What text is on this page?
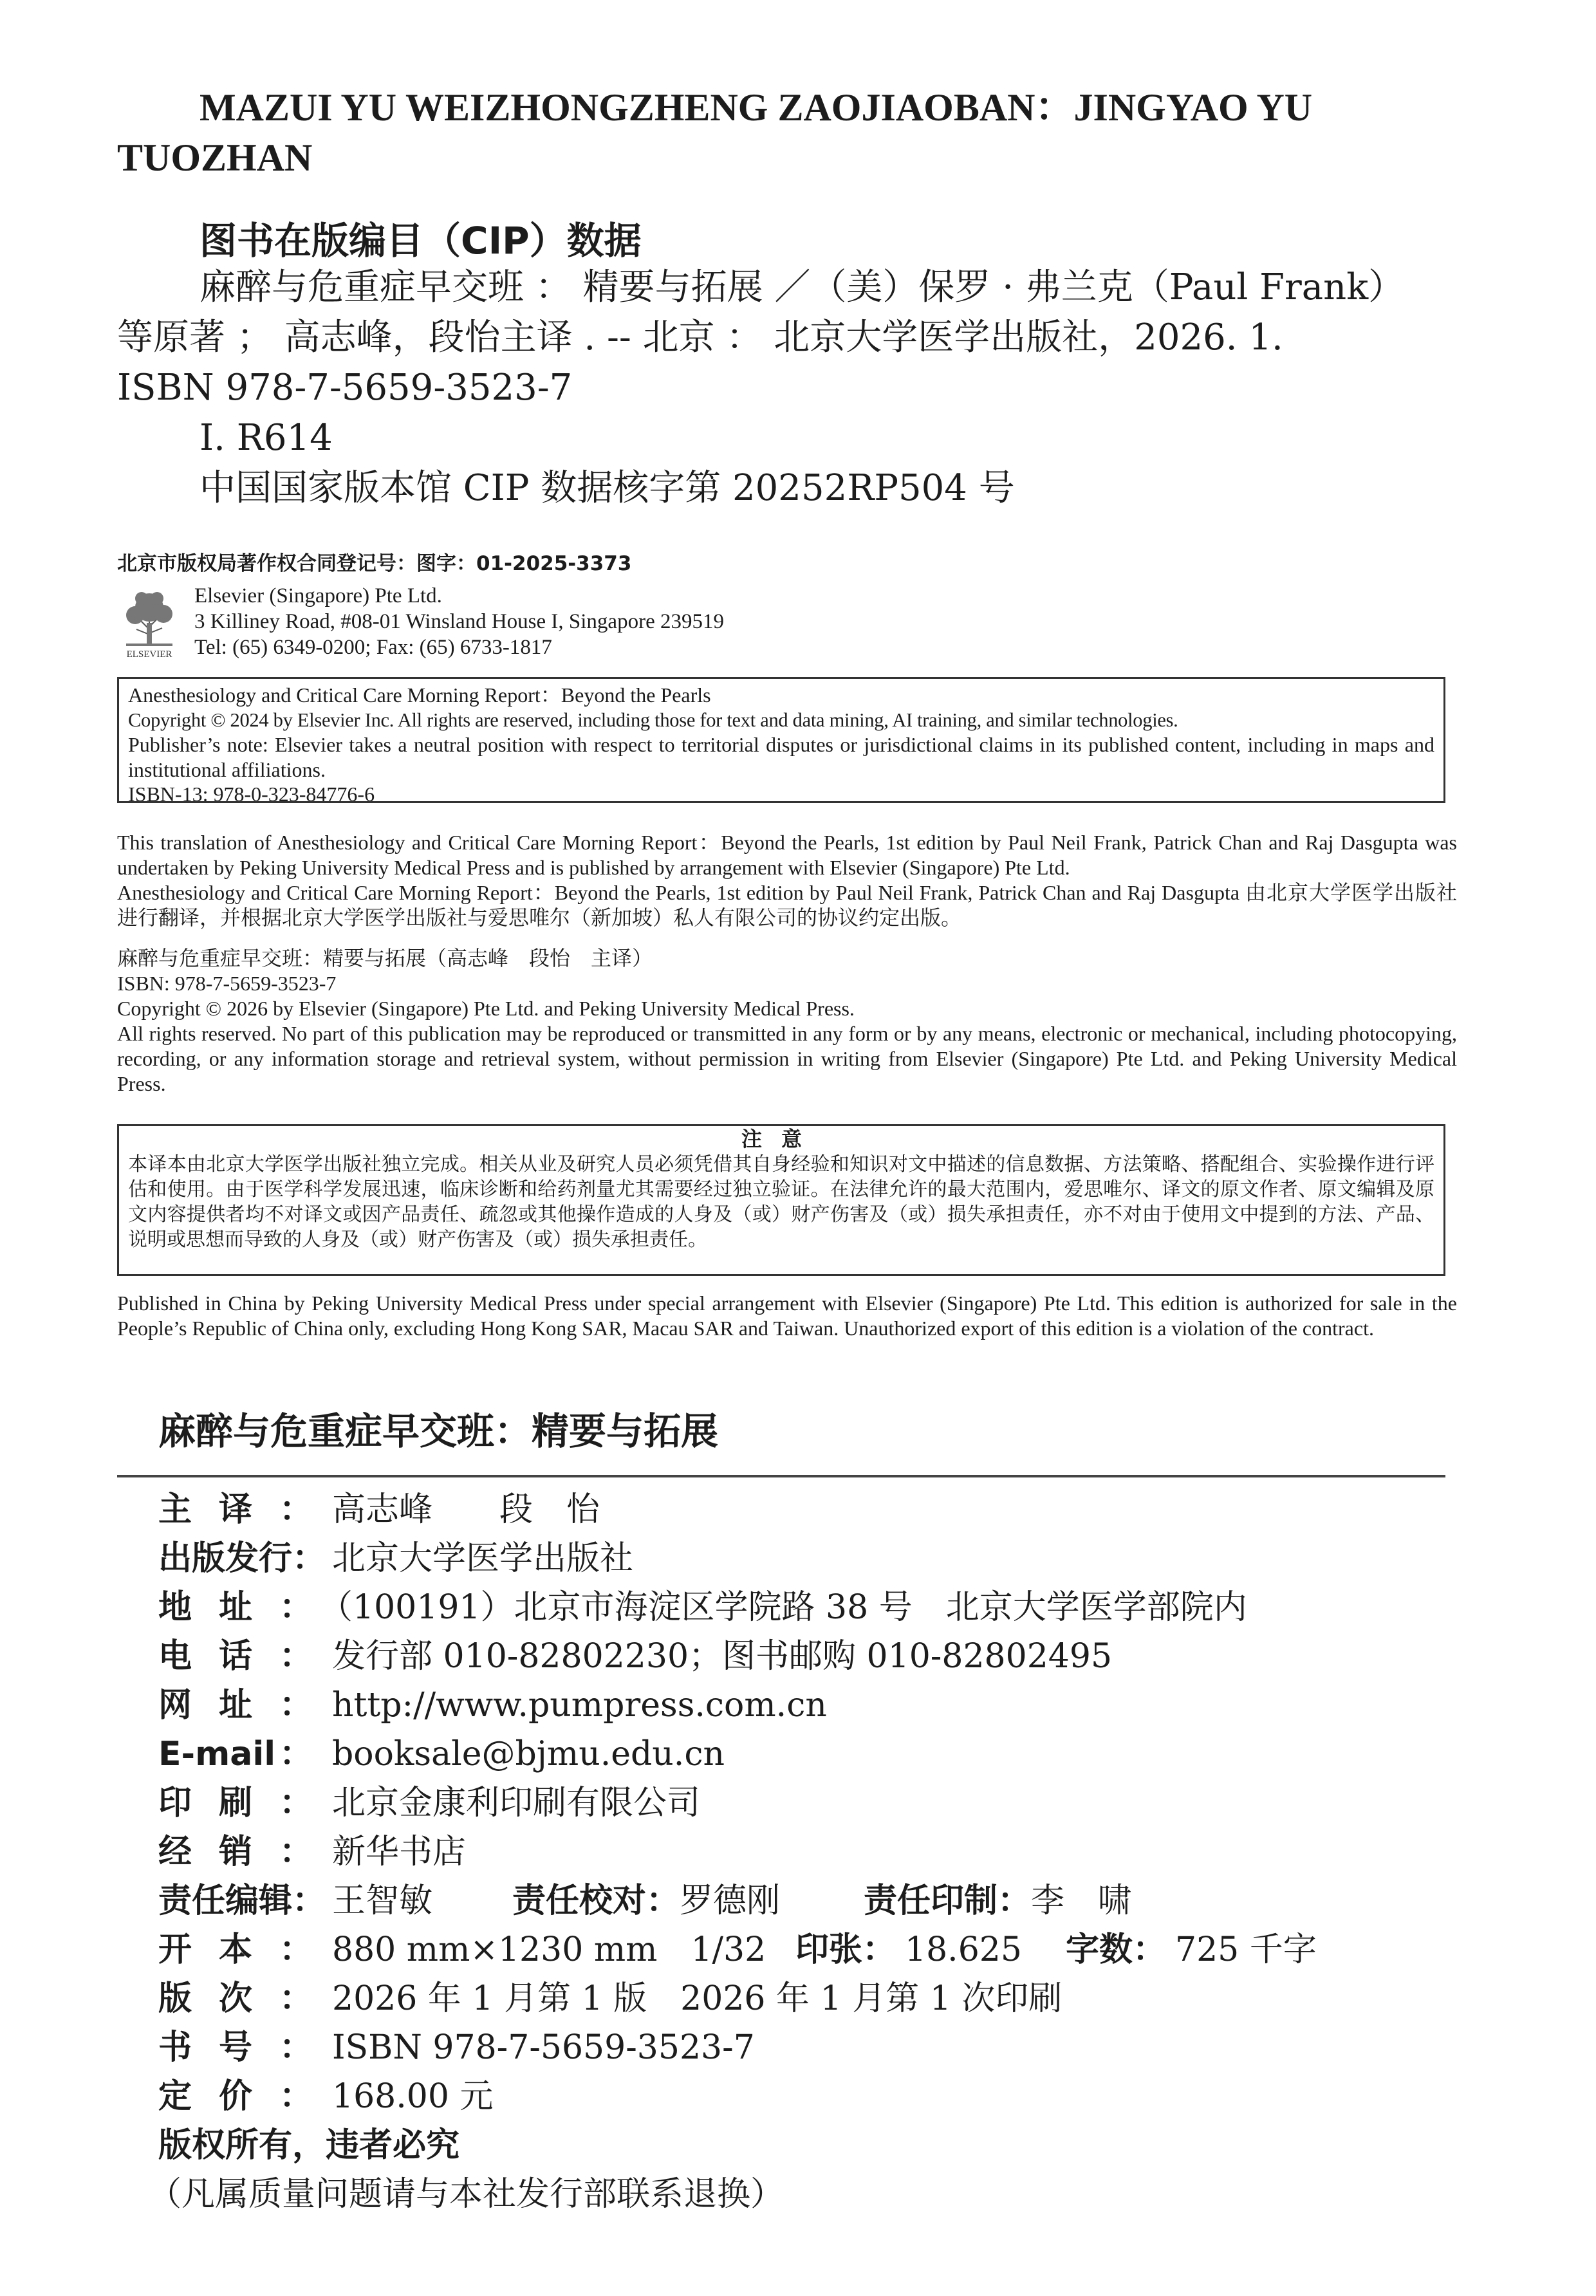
MAZUI YU WEIZHONGZHENG ZAOJIAOBAN：JINGYAO YU
TUOZHAN
图书在版编目（CIP）数据
麻醉与危重症早交班 ： 精要与拓展 ／（美）保罗 · 弗兰克（Paul Frank）
等原著 ； 高志峰，段怡主译 . -- 北京 ： 北京大学医学出版社，2026. 1.
ISBN 978-7-5659-3523-7
Ⅰ. R614
中国国家版本馆 CIP 数据核字第 20252RP504 号
北京市版权局著作权合同登记号：图字：01-2025-3373
ELSEVIER
Elsevier (Singapore) Pte Ltd.
3 Killiney Road, #08-01 Winsland House I, Singapore 239519
Tel: (65) 6349-0200; Fax: (65) 6733-1817
Anesthesiology and Critical Care Morning Report：Beyond the Pearls
Copyright © 2024 by Elsevier Inc. All rights are reserved, including those for text and data mining, AI training, and similar technologies.
Publisher’s note: Elsevier takes a neutral position with respect to territorial disputes or jurisdictional claims in its published content, including in maps and institutional affiliations.
ISBN-13: 978-0-323-84776-6
This translation of Anesthesiology and Critical Care Morning Report：Beyond the Pearls, 1st edition by Paul Neil Frank, Patrick Chan and Raj Dasgupta was undertaken by Peking University Medical Press and is published by arrangement with Elsevier (Singapore) Pte Ltd.
Anesthesiology and Critical Care Morning Report：Beyond the Pearls, 1st edition by Paul Neil Frank, Patrick Chan and Raj Dasgupta 由北京大学医学出版社进行翻译，并根据北京大学医学出版社与爱思唯尔（新加坡）私人有限公司的协议约定出版。
麻醉与危重症早交班：精要与拓展（高志峰　段怡　主译）
ISBN: 978-7-5659-3523-7
Copyright © 2026 by Elsevier (Singapore) Pte Ltd. and Peking University Medical Press.
All rights reserved. No part of this publication may be reproduced or transmitted in any form or by any means, electronic or mechanical, including photocopying, recording, or any information storage and retrieval system, without permission in writing from Elsevier (Singapore) Pte Ltd. and Peking University Medical Press.
注意
本译本由北京大学医学出版社独立完成。相关从业及研究人员必须凭借其自身经验和知识对文中描述的信息数据、方法策略、搭配组合、实验操作进行评估和使用。由于医学科学发展迅速，临床诊断和给药剂量尤其需要经过独立验证。在法律允许的最大范围内，爱思唯尔、译文的原文作者、原文编辑及原文内容提供者均不对译文或因产品责任、疏忽或其他操作造成的人身及（或）财产伤害及（或）损失承担责任，亦不对由于使用文中提到的方法、产品、说明或思想而导致的人身及（或）财产伤害及（或）损失承担责任。
Published in China by Peking University Medical Press under special arrangement with Elsevier (Singapore) Pte Ltd. This edition is authorized for sale in the People’s Republic of China only, excluding Hong Kong SAR, Macau SAR and Taiwan. Unauthorized export of this edition is a violation of the contract.
麻醉与危重症早交班：精要与拓展
主译： 高志峰　　段　怡
出版发行： 北京大学医学出版社
地址： （100191）北京市海淀区学院路 38 号　北京大学医学部院内
电话： 发行部 010-82802230；图书邮购 010-82802495
网址： http://www.pumpress.com.cn
E-mail： booksale@bjmu.edu.cn
印刷： 北京金康利印刷有限公司
经销： 新华书店
责任编辑： 王智敏 责任校对： 罗德刚 责任印制： 李　啸
开本： 880 mm×1230 mm　1/32 印张： 18.625 字数： 725 千字
版次： 2026 年 1 月第 1 版　2026 年 1 月第 1 次印刷
书号： ISBN 978-7-5659-3523-7
定价： 168.00 元
版权所有，违者必究
（凡属质量问题请与本社发行部联系退换）
